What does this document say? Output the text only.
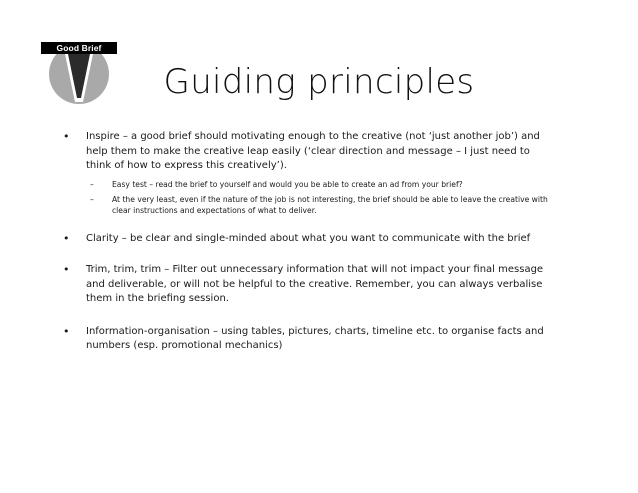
Good Brief
Guiding principles
• Inspire – a good brief should motivating enough to the creative (not ‘just another job’) and help them to make the creative leap easily (‘clear direction and message – I just need to think of how to express this creatively’).
– Easy test – read the brief to yourself and would you be able to create an ad from your brief?
– At the very least, even if the nature of the job is not interesting, the brief should be able to leave the creative with clear instructions and expectations of what to deliver.
• Clarity – be clear and single-minded about what you want to communicate with the brief
• Trim, trim, trim – Filter out unnecessary information that will not impact your final message and deliverable, or will not be helpful to the creative. Remember, you can always verbalise them in the briefing session.
• Information-organisation – using tables, pictures, charts, timeline etc. to organise facts and numbers (esp. promotional mechanics)
